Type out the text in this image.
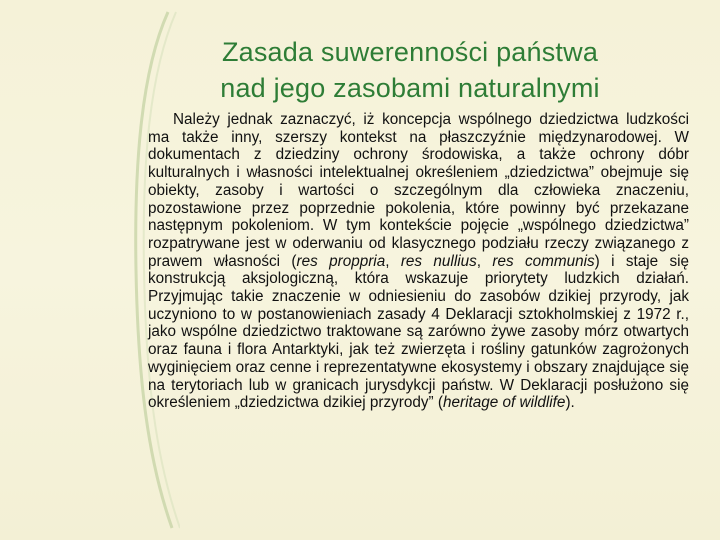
Zasada suwerenności państwa
nad jego zasobami naturalnymi
Należy jednak zaznaczyć, iż koncepcja wspólnego dziedzictwa ludzkości ma także inny, szerszy kontekst na płaszczyźnie międzynarodowej. W dokumentach z dziedziny ochrony środowiska, a także ochrony dóbr kulturalnych i własności intelektualnej określeniem „dziedzictwa” obejmuje się obiekty, zasoby i wartości o szczególnym dla człowieka znaczeniu, pozostawione przez poprzednie pokolenia, które powinny być przekazane następnym pokoleniom. W tym kontekście pojęcie „wspólnego dziedzictwa” rozpatrywane jest w oderwaniu od klasycznego podziału rzeczy związanego z prawem własności (res proppria, res nullius, res communis) i staje się konstrukcją aksjologiczną, która wskazuje priorytety ludzkich działań. Przyjmując takie znaczenie w odniesieniu do zasobów dzikiej przyrody, jak uczyniono to w postanowieniach zasady 4 Deklaracji sztokholmskiej z 1972 r., jako wspólne dziedzictwo traktowane są zarówno żywe zasoby mórz otwartych oraz fauna i flora Antarktyki, jak też zwierzęta i rośliny gatunków zagrożonych wyginięciem oraz cenne i reprezentatywne ekosystemy i obszary znajdujące się na terytoriach lub w granicach jurysdykcji państw. W Deklaracji posłużono się określeniem „dziedzictwa dzikiej przyrody” (heritage of wildlife).
